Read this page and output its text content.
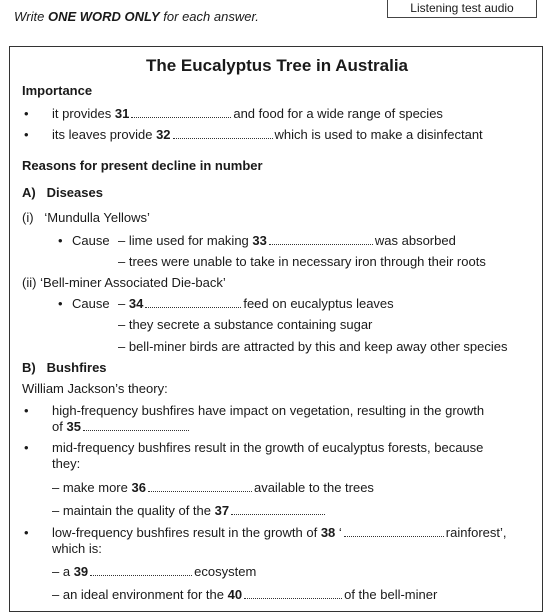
Write ONE WORD ONLY for each answer.
Listening test audio
The Eucalyptus Tree in Australia
Importance
• it provides 31	and food for a wide range of species
• its leaves provide 32	which is used to make a disinfectant
Reasons for present decline in number
A) Diseases
(i) ‘Mundulla Yellows’
• Cause – lime used for making 33	was absorbed
– trees were unable to take in necessary iron through their roots
(ii) ‘Bell-miner Associated Die-back’
• Cause – 34	feed on eucalyptus leaves
– they secrete a substance containing sugar
– bell-miner birds are attracted by this and keep away other species
B) Bushfires
William Jackson’s theory:
• high-frequency bushfires have impact on vegetation, resulting in the growth
of 35
• mid-frequency bushfires result in the growth of eucalyptus forests, because
they:
– make more 36	available to the trees
– maintain the quality of the 37
• low-frequency bushfires result in the growth of 38 ‘	rainforest’,
which is:
– a 39	ecosystem
– an ideal environment for the 40	of the bell-miner
